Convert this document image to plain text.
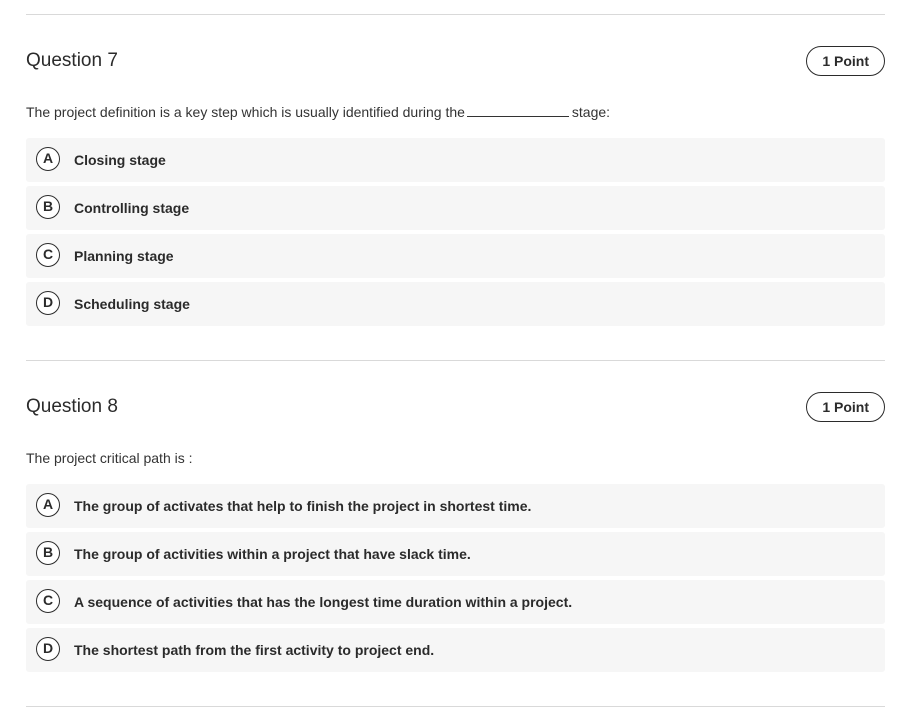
Question 7	1 Point
The project definition is a key step which is usually identified during the	stage:
A	Closing stage
B	Controlling stage
C	Planning stage
D	Scheduling stage
Question 8	1 Point
The project critical path is :
A	The group of activates that help to finish the project in shortest time.
B	The group of activities within a project that have slack time.
C	A sequence of activities that has the longest time duration within a project.
D	The shortest path from the first activity to project end.
